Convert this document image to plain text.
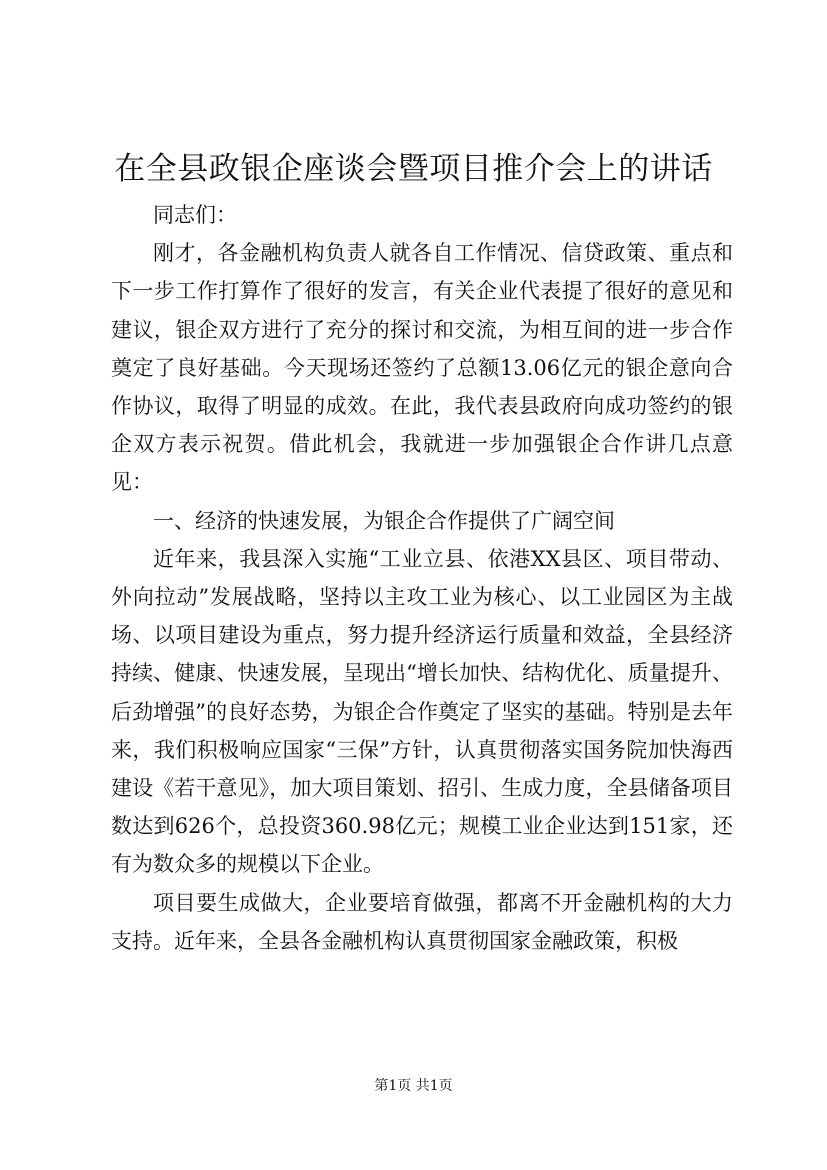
在全县政银企座谈会暨项目推介会上的讲话

同志们：

刚才，各金融机构负责人就各自工作情况、信贷政策、重点和下一步工作打算作了很好的发言，有关企业代表提了很好的意见和建议，银企双方进行了充分的探讨和交流，为相互间的进一步合作奠定了良好基础。今天现场还签约了总额13.06亿元的银企意向合作协议，取得了明显的成效。在此，我代表县政府向成功签约的银企双方表示祝贺。借此机会，我就进一步加强银企合作讲几点意见：

一、经济的快速发展，为银企合作提供了广阔空间

近年来，我县深入实施“工业立县、依港XX县区、项目带动、外向拉动”发展战略，坚持以主攻工业为核心、以工业园区为主战场、以项目建设为重点，努力提升经济运行质量和效益，全县经济持续、健康、快速发展，呈现出“增长加快、结构优化、质量提升、后劲增强”的良好态势，为银企合作奠定了坚实的基础。特别是去年来，我们积极响应国家“三保”方针，认真贯彻落实国务院加快海西建设《若干意见》，加大项目策划、招引、生成力度，全县储备项目数达到626个，总投资360.98亿元；规模工业企业达到151家，还有为数众多的规模以下企业。

项目要生成做大，企业要培育做强，都离不开金融机构的大力支持。近年来，全县各金融机构认真贯彻国家金融政策，积极

第1页 共1页
